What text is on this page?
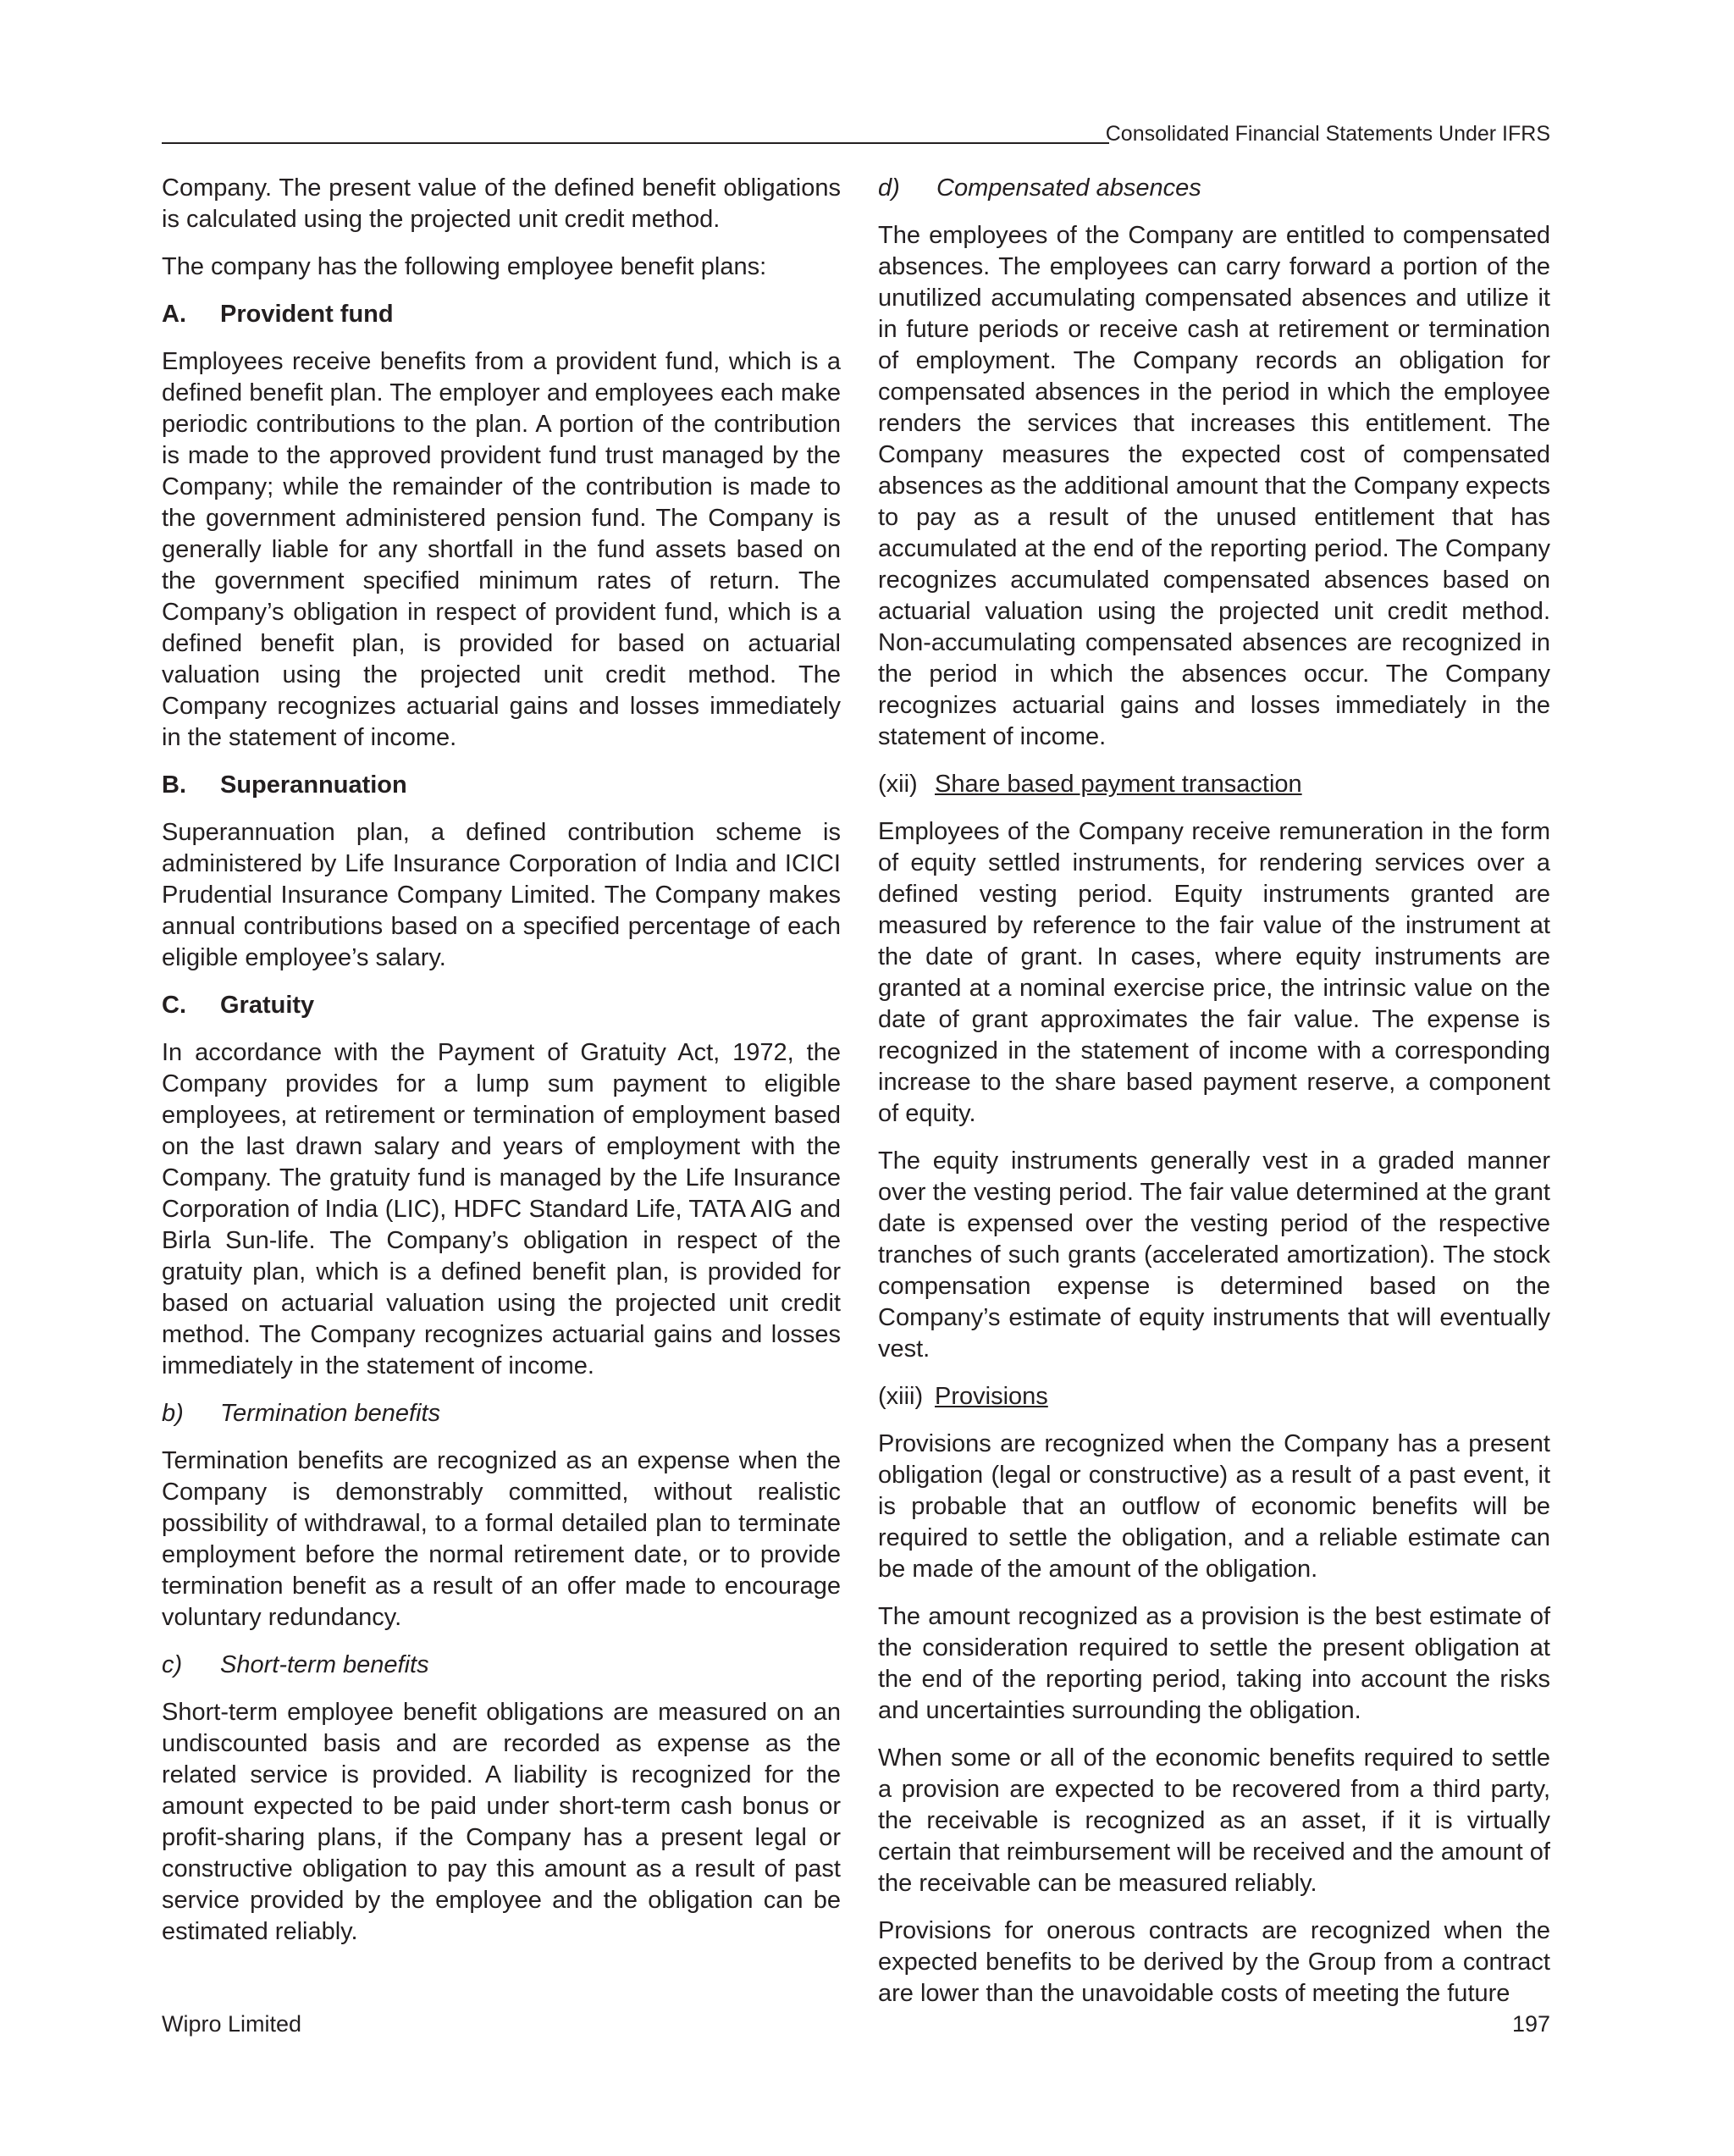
Consolidated Financial Statements Under IFRS

Company. The present value of the defined benefit obligations is calculated using the projected unit credit method.

The company has the following employee benefit plans:

A.	Provident fund

Employees receive benefits from a provident fund, which is a defined benefit plan. The employer and employees each make periodic contributions to the plan. A portion of the contribution is made to the approved provident fund trust managed by the Company; while the remainder of the contribution is made to the government administered pension fund. The Company is generally liable for any shortfall in the fund assets based on the government specified minimum rates of return. The Company’s obligation in respect of provident fund, which is a defined benefit plan, is provided for based on actuarial valuation using the projected unit credit method. The Company recognizes actuarial gains and losses immediately in the statement of income.

B.	Superannuation

Superannuation plan, a defined contribution scheme is administered by Life Insurance Corporation of India and ICICI Prudential Insurance Company Limited. The Company makes annual contributions based on a specified percentage of each eligible employee’s salary.

C.	Gratuity

In accordance with the Payment of Gratuity Act, 1972, the Company provides for a lump sum payment to eligible employees, at retirement or termination of employment based on the last drawn salary and years of employment with the Company. The gratuity fund is managed by the Life Insurance Corporation of India (LIC), HDFC Standard Life, TATA AIG and Birla Sun-life. The Company’s obligation in respect of the gratuity plan, which is a defined benefit plan, is provided for based on actuarial valuation using the projected unit credit method. The Company recognizes actuarial gains and losses immediately in the statement of income.

b)	Termination benefits

Termination benefits are recognized as an expense when the Company is demonstrably committed, without realistic possibility of withdrawal, to a formal detailed plan to terminate employment before the normal retirement date, or to provide termination benefit as a result of an offer made to encourage voluntary redundancy.

c)	Short-term benefits

Short-term employee benefit obligations are measured on an undiscounted basis and are recorded as expense as the related service is provided. A liability is recognized for the amount expected to be paid under short-term cash bonus or profit-sharing plans, if the Company has a present legal or constructive obligation to pay this amount as a result of past service provided by the employee and the obligation can be estimated reliably.

d)	Compensated absences

The employees of the Company are entitled to compensated absences. The employees can carry forward a portion of the unutilized accumulating compensated absences and utilize it in future periods or receive cash at retirement or termination of employment. The Company records an obligation for compensated absences in the period in which the employee renders the services that increases this entitlement. The Company measures the expected cost of compensated absences as the additional amount that the Company expects to pay as a result of the unused entitlement that has accumulated at the end of the reporting period. The Company recognizes accumulated compensated absences based on actuarial valuation using the projected unit credit method. Non-accumulating compensated absences are recognized in the period in which the absences occur. The Company recognizes actuarial gains and losses immediately in the statement of income.

(xii) Share based payment transaction

Employees of the Company receive remuneration in the form of equity settled instruments, for rendering services over a defined vesting period. Equity instruments granted are measured by reference to the fair value of the instrument at the date of grant. In cases, where equity instruments are granted at a nominal exercise price, the intrinsic value on the date of grant approximates the fair value. The expense is recognized in the statement of income with a corresponding increase to the share based payment reserve, a component of equity.

The equity instruments generally vest in a graded manner over the vesting period. The fair value determined at the grant date is expensed over the vesting period of the respective tranches of such grants (accelerated amortization). The stock compensation expense is determined based on the Company’s estimate of equity instruments that will eventually vest.

(xiii) Provisions

Provisions are recognized when the Company has a present obligation (legal or constructive) as a result of a past event, it is probable that an outflow of economic benefits will be required to settle the obligation, and a reliable estimate can be made of the amount of the obligation.

The amount recognized as a provision is the best estimate of the consideration required to settle the present obligation at the end of the reporting period, taking into account the risks and uncertainties surrounding the obligation.

When some or all of the economic benefits required to settle a provision are expected to be recovered from a third party, the receivable is recognized as an asset, if it is virtually certain that reimbursement will be received and the amount of the receivable can be measured reliably.

Provisions for onerous contracts are recognized when the expected benefits to be derived by the Group from a contract are lower than the unavoidable costs of meeting the future

Wipro Limited	197
